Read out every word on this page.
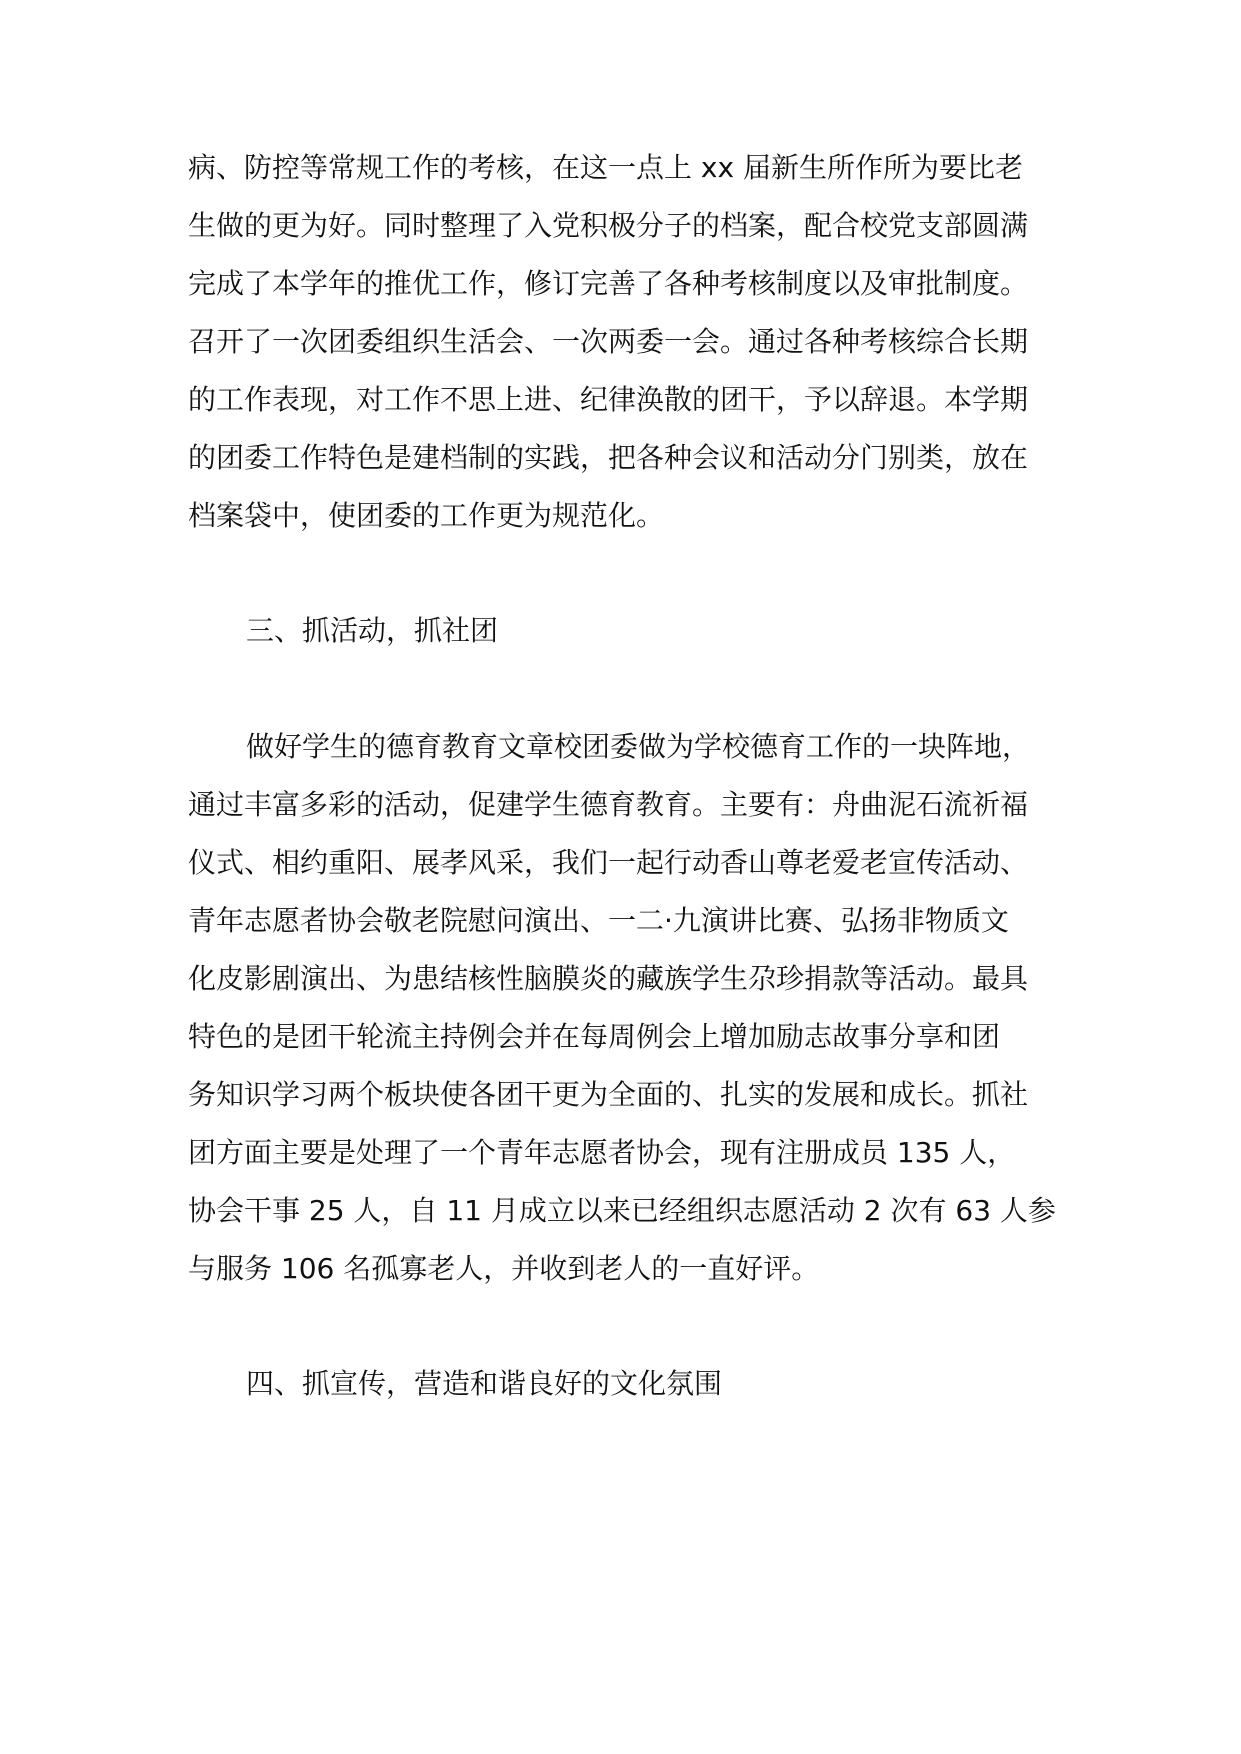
病、防控等常规工作的考核，在这一点上 xx 届新生所作所为要比老
生做的更为好。同时整理了入党积极分子的档案，配合校党支部圆满
完成了本学年的推优工作，修订完善了各种考核制度以及审批制度。
召开了一次团委组织生活会、一次两委一会。通过各种考核综合长期
的工作表现，对工作不思上进、纪律涣散的团干，予以辞退。本学期
的团委工作特色是建档制的实践，把各种会议和活动分门别类，放在
档案袋中，使团委的工作更为规范化。
三、抓活动，抓社团
做好学生的德育教育文章校团委做为学校德育工作的一块阵地，
通过丰富多彩的活动，促建学生德育教育。主要有：舟曲泥石流祈福
仪式、相约重阳、展孝风采，我们一起行动香山尊老爱老宣传活动、
青年志愿者协会敬老院慰问演出、一二·九演讲比赛、弘扬非物质文
化皮影剧演出、为患结核性脑膜炎的藏族学生尕珍捐款等活动。最具
特色的是团干轮流主持例会并在每周例会上增加励志故事分享和团
务知识学习两个板块使各团干更为全面的、扎实的发展和成长。抓社
团方面主要是处理了一个青年志愿者协会，现有注册成员 135 人，
协会干事 25 人，自 11 月成立以来已经组织志愿活动 2 次有 63 人参
与服务 106 名孤寡老人，并收到老人的一直好评。
四、抓宣传，营造和谐良好的文化氛围
